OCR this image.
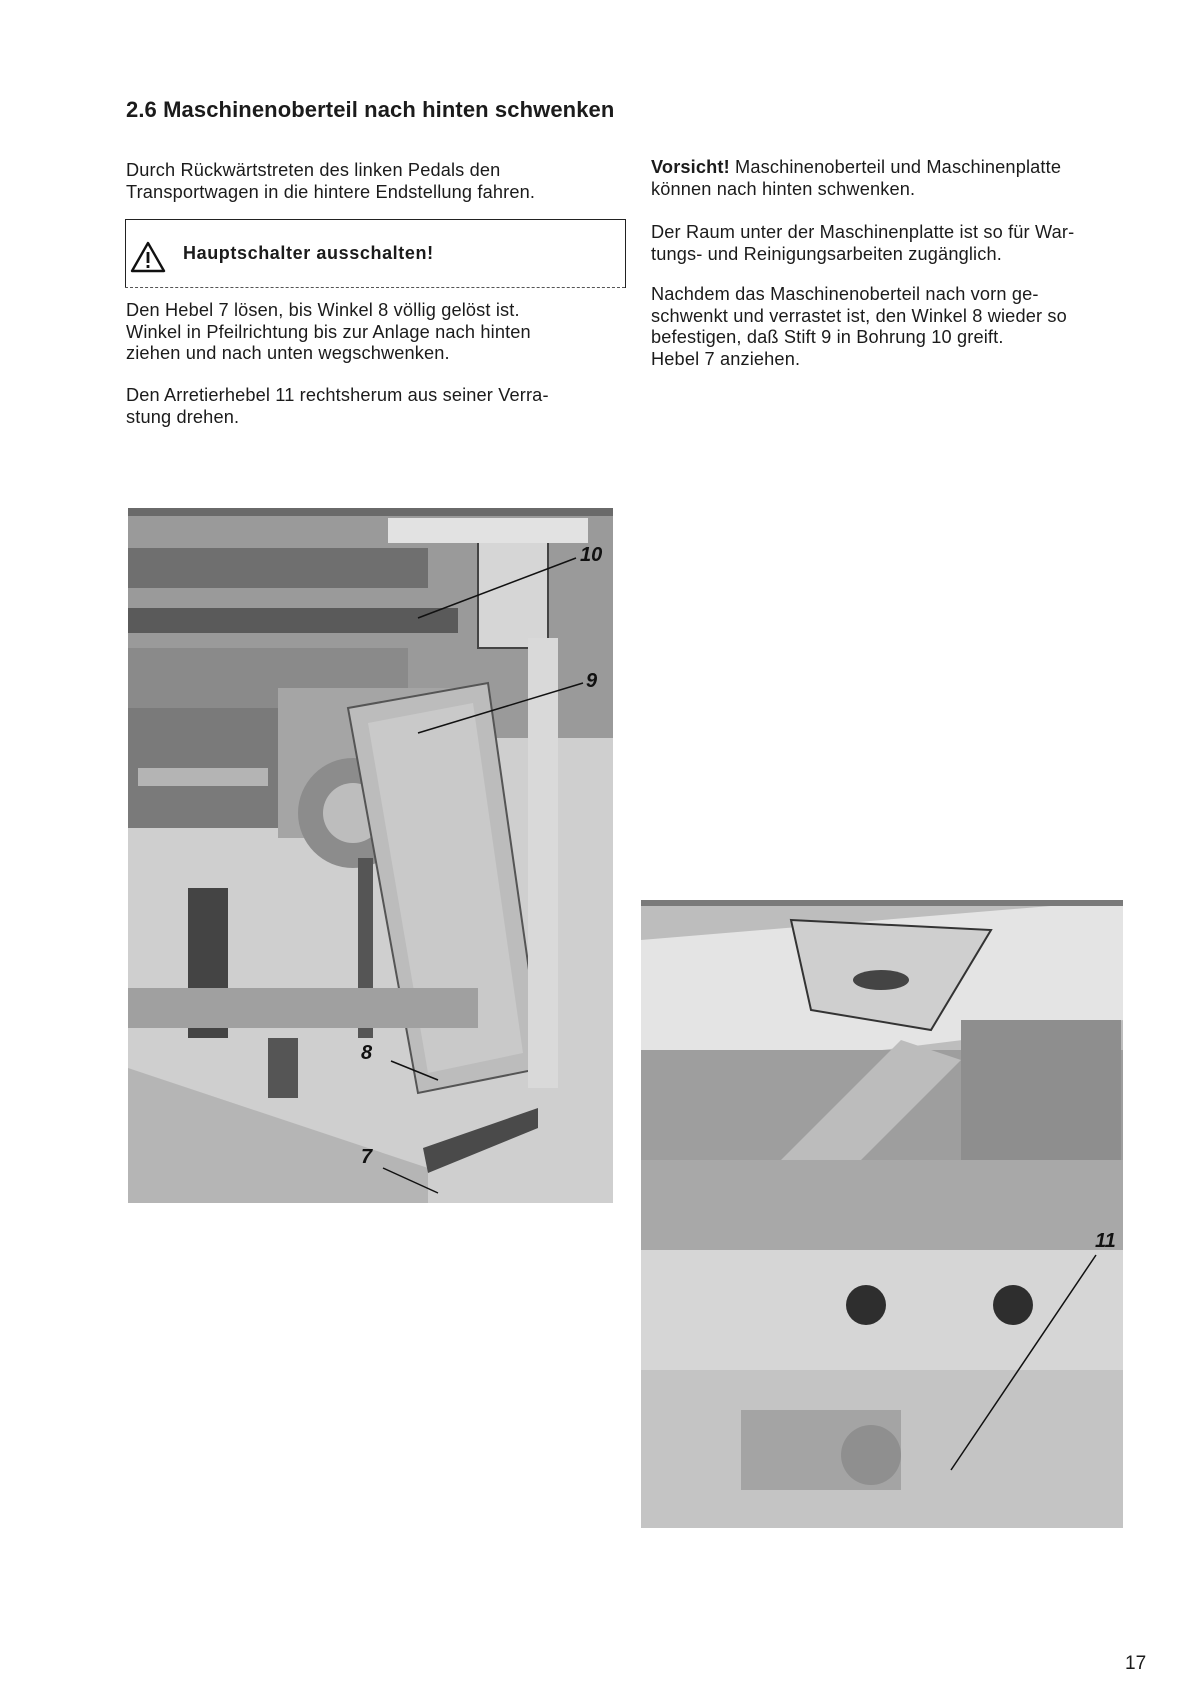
2.6 Maschinenoberteil nach hinten schwenken
Durch Rückwärtstreten des linken Pedals den
Transportwagen in die hintere Endstellung fahren.
Hauptschalter ausschalten!
Den Hebel 7 lösen, bis Winkel 8 völlig gelöst ist.
Winkel in Pfeilrichtung bis zur Anlage nach hinten
ziehen und nach unten wegschwenken.
Den Arretierhebel 11 rechtsherum aus seiner Verra-
stung drehen.
Vorsicht! Maschinenoberteil und Maschinenplatte
können nach hinten schwenken.
Der Raum unter der Maschinenplatte ist so für War-
tungs- und Reinigungsarbeiten zugänglich.
Nachdem das Maschinenoberteil nach vorn ge-
schwenkt und verrastet ist, den Winkel 8 wieder so
befestigen, daß Stift 9 in Bohrung 10 greift.
Hebel 7 anziehen.
10
9
8
7
11
17
